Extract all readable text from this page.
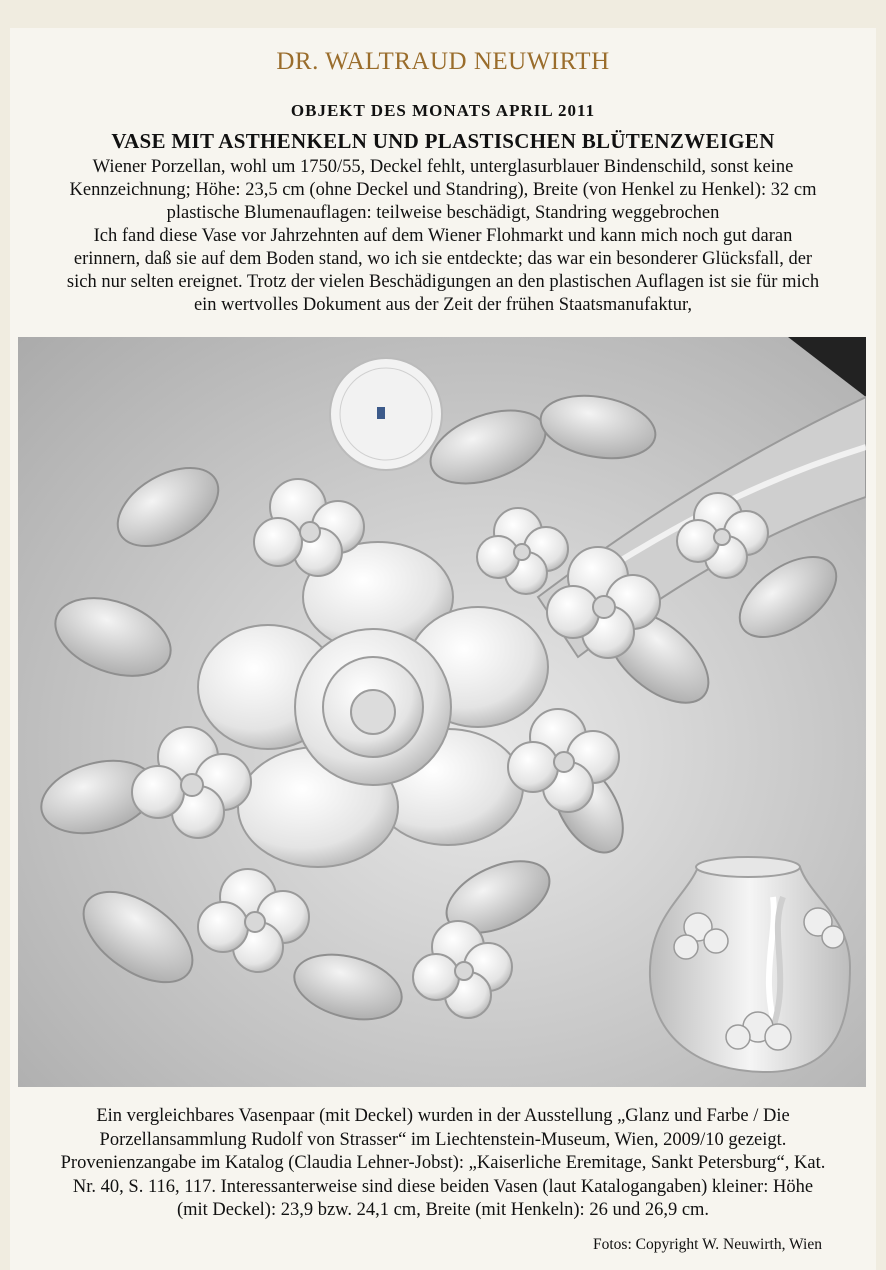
DR. WALTRAUD NEUWIRTH
OBJEKT DES MONATS APRIL 2011
VASE MIT ASTHENKELN UND PLASTISCHEN BLÜTENZWEIGEN

Wiener Porzellan, wohl um 1750/55, Deckel fehlt, unterglasurblauer Bindenschild, sonst keine

Kennzeichnung; Höhe: 23,5 cm (ohne Deckel und Standring), Breite (von Henkel zu Henkel): 32 cm

plastische Blumenauflagen: teilweise beschädigt, Standring weggebrochen

Ich fand diese Vase vor Jahrzehnten auf dem Wiener Flohmarkt und kann mich noch gut daran

erinnern, daß sie auf dem Boden stand, wo ich sie entdeckte; das war ein besonderer Glücksfall, der

sich nur selten ereignet. Trotz der vielen Beschädigungen an den plastischen Auflagen ist sie für mich

ein wertvolles Dokument aus der Zeit der frühen Staatsmanufaktur,

Ein vergleichbares Vasenpaar (mit Deckel) wurden in der Ausstellung „Glanz und Farbe / Die
Porzellansammlung Rudolf von Strasser“ im Liechtenstein-Museum, Wien, 2009/10 gezeigt.
Provenienzangabe im Katalog (Claudia Lehner-Jobst): „Kaiserliche Eremitage, Sankt Petersburg“, Kat.
Nr. 40, S. 116, 117. Interessanterweise sind diese beiden Vasen (laut Katalogangaben) kleiner: Höhe
(mit Deckel): 23,9 bzw. 24,1 cm, Breite (mit Henkeln): 26 und 26,9 cm.
Fotos: Copyright W. Neuwirth, Wien
